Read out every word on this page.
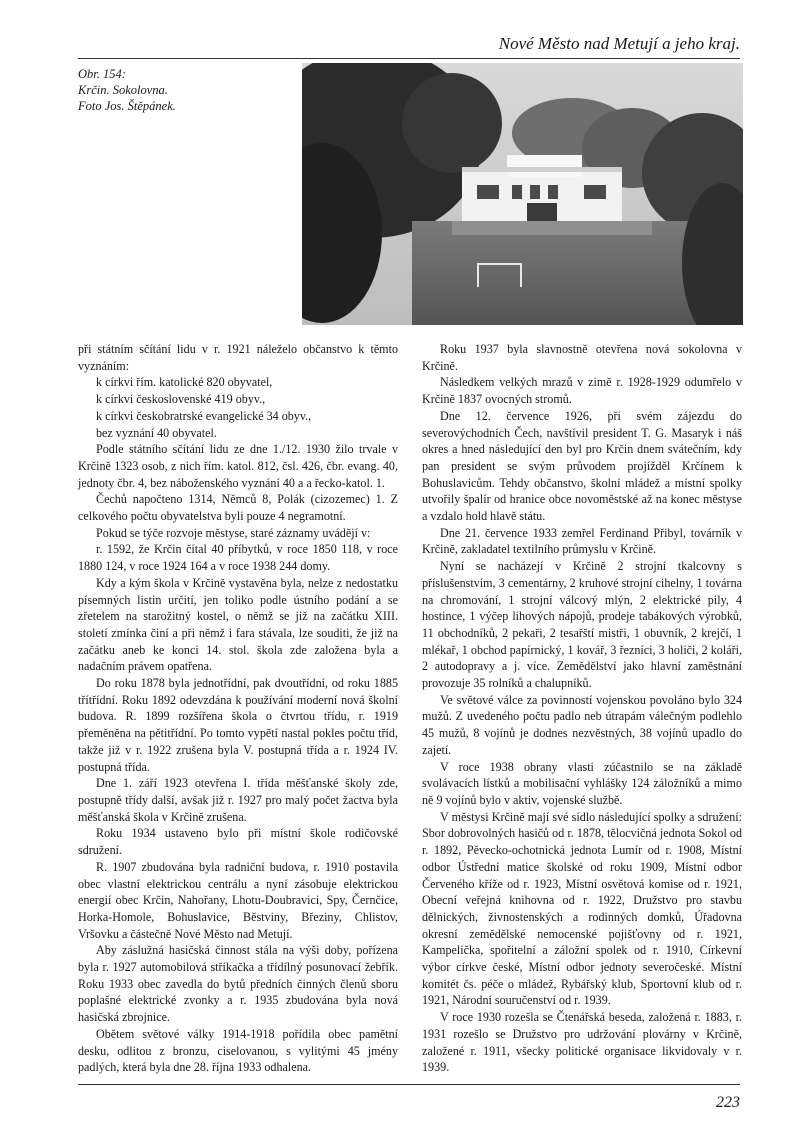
Nové Město nad Metují a jeho kraj.
Obr. 154:
Krčin. Sokolovna.
Foto Jos. Štěpánek.

při státním sčítání lidu v r. 1921 náleželo občanstvo k těmto vyznáním:

k církvi řím. katolické 820 obyvatel,

k církvi československé 419 obyv.,

k církvi českobratrské evangelické 34 obyv.,

bez vyznání 40 obyvatel.

Podle státního sčítání lidu ze dne 1./12. 1930 žilo trvale v Krčině 1323 osob, z nich řím. katol. 812, čsl. 426, čbr. evang. 40, jednoty čbr. 4, bez náboženského vyznání 40 a a řecko-katol. 1.

Čechů napočteno 1314, Němců 8, Polák (cizozemec) 1. Z celkového počtu obyvatelstva byli pouze 4 negramotní.

Pokud se týče rozvoje městyse, staré záznamy uvádějí v:

r. 1592, že Krčin čítal 40 příbytků, v roce 1850 118, v roce 1880 124, v roce 1924 164 a v roce 1938 244 domy.

Kdy a kým škola v Krčině vystavěna byla, nelze z nedostatku písemných listin určití, jen toliko podle ústního podání a se zřetelem na starožitný kostel, o němž se již na začátku XIII. století zmínka činí a při němž i fara stávala, lze souditi, že již na začátku aneb ke konci 14. stol. škola zde založena byla a nadačním právem opatřena.

Do roku 1878 byla jednotřídní, pak dvoutřídní, od roku 1885 třítřídní. Roku 1892 odevzdána k používání moderní nová školní budova. R. 1899 rozšířena škola o čtvrtou třídu, r. 1919 přeměněna na pětitřídní. Po tomto vypětí nastal pokles počtu tříd, takže již v r. 1922 zrušena byla V. postupná třída a r. 1924 IV. postupná třída.

Dne 1. září 1923 otevřena I. třída měšťanské školy zde, postupně třídy další, avšak již r. 1927 pro malý počet žactva byla měšťanská škola v Krčině zrušena.

Roku 1934 ustaveno bylo při místní škole rodičovské sdružení.

R. 1907 zbudována byla radniční budova, r. 1910 postavila obec vlastní elektrickou centrálu a nyní zásobuje elektrickou energií obec Krčin, Nahořany, Lhotu-Doubravici, Spy, Černčice, Horka-Homole, Bohuslavice, Běstviny, Březiny, Chlistov, Vršovku a částečně Nové Město nad Metují.

Aby záslužná hasičská činnost stála na výši doby, pořízena byla r. 1927 automobilová stříkačka a třídílný posunovací žebřík. Roku 1933 obec zavedla do bytů předních činných členů sboru poplašné elektrické zvonky a r. 1935 zbudována byla nová hasičská zbrojnice.

Obětem světové války 1914-1918 pořídila obec pamětní desku, odlitou z bronzu, ciselovanou, s vylitými 45 jmény padlých, která byla dne 28. října 1933 odhalena.

Roku 1937 byla slavnostně otevřena nová sokolovna v Krčině.

Následkem velkých mrazů v zimě r. 1928-1929 odumřelo v Krčině 1837 ovocných stromů.

Dne 12. července 1926, při svém zájezdu do severovýchodních Čech, navštívil president T. G. Masaryk i náš okres a hned následující den byl pro Krčin dnem svátečním, kdy pan president se svým průvodem projížděl Krčínem k Bohuslavicům. Tehdy občanstvo, školní mládež a místní spolky utvořily špalír od hranice obce novoměstské až na konec městyse a vzdalo hold hlavě státu.

Dne 21. července 1933 zemřel Ferdinand Přibyl, továrník v Krčině, zakladatel textilního průmyslu v Krčině.

Nyní se nacházejí v Krčině 2 strojní tkalcovny s příslušenstvím, 3 cementárny, 2 kruhové strojní cihelny, 1 továrna na chromování, 1 strojní válcový mlýn, 2 elektrické pily, 4 hostince, 1 výčep lihových nápojů, prodeje tabákových výrobků, 11 obchodníků, 2 pekaři, 2 tesařští mistři, 1 obuvník, 2 krejčí, 1 mlékař, 1 obchod papírnický, 1 kovář, 3 řezníci, 3 holiči, 2 koláři, 2 autodopravy a j. více. Zemědělství jako hlavní zaměstnání provozuje 35 rolníků a chalupníků.

Ve světové válce za povinností vojenskou povoláno bylo 324 mužů. Z uvedeného počtu padlo neb útrapám válečným podlehlo 45 mužů, 8 vojínů je dodnes nezvěstných, 38 vojínů upadlo do zajetí.

V roce 1938 obrany vlasti zúčastnilo se na základě svolávacích lístků a mobilisační vyhlášky 124 záložníků a mimo ně 9 vojínů bylo v aktiv, vojenské službě.

V městysi Krčině mají své sídlo následující spolky a sdružení: Sbor dobrovolných hasičů od r. 1878, tělocvičná jednota Sokol od r. 1892, Pěvecko-ochotnická jednota Lumír od r. 1908, Místní odbor Ústřední matice školské od roku 1909, Místní odbor Červeného kříže od r. 1923, Místní osvětová komise od r. 1921, Obecní veřejná knihovna od r. 1922, Družstvo pro stavbu dělnických, živnostenských a rodinných domků, Úřadovna okresní zemědělské nemocenské pojišťovny od r. 1921, Kampelička, spořitelní a záložní spolek od r. 1910, Církevní výbor církve české, Místní odbor jednoty severočeské. Místní komitét čs. péče o mládež, Rybářský klub, Sportovní klub od r. 1921, Národní souručenství od r. 1939.

V roce 1930 rozešla se Čtenářská beseda, založená r. 1883, r. 1931 rozešlo se Družstvo pro udržování plovárny v Krčině, založené r. 1911, všecky politické organisace likvidovaly v r. 1939.

223
